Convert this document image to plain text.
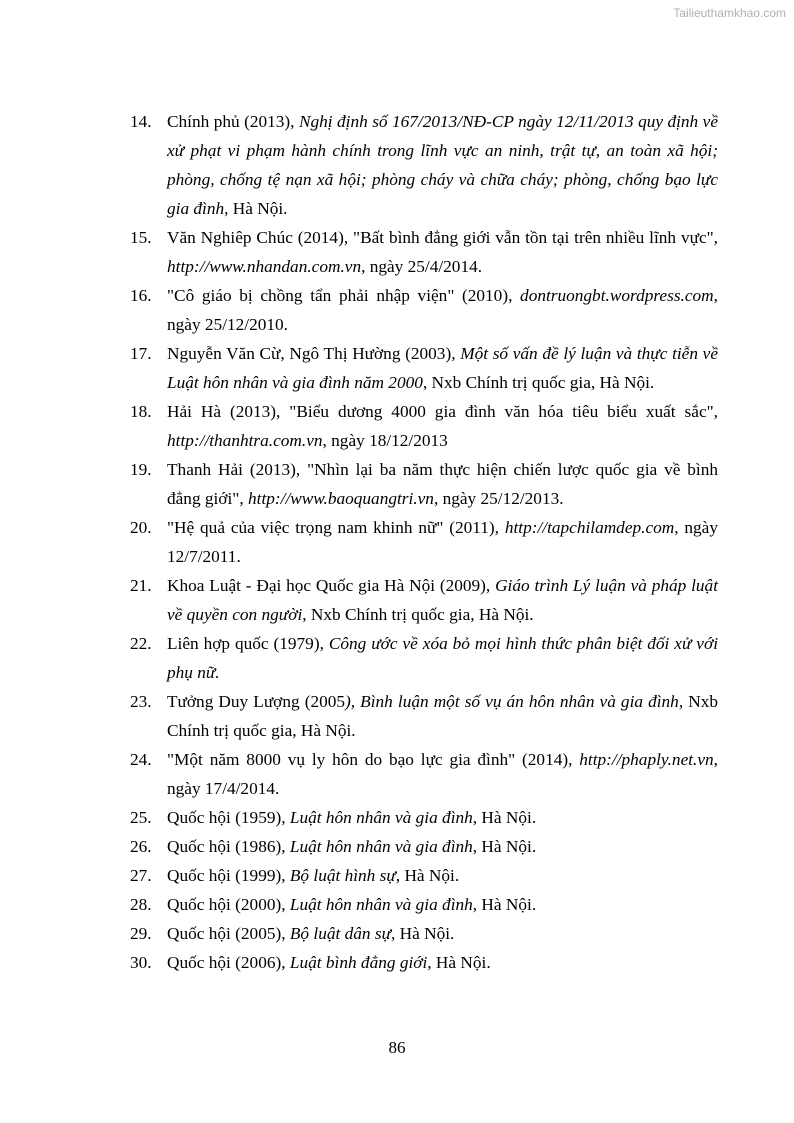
Tailieuthamkhao.com
14. Chính phủ (2013), Nghị định số 167/2013/NĐ-CP ngày 12/11/2013 quy định về xử phạt vi phạm hành chính trong lĩnh vực an ninh, trật tự, an toàn xã hội; phòng, chống tệ nạn xã hội; phòng cháy và chữa cháy; phòng, chống bạo lực gia đình, Hà Nội.
15. Văn Nghiêp Chúc (2014), "Bất bình đẳng giới vẫn tồn tại trên nhiều lĩnh vực", http://www.nhandan.com.vn, ngày 25/4/2014.
16. "Cô giáo bị chồng tẩn phải nhập viện" (2010), dontruongbt.wordpress.com, ngày 25/12/2010.
17. Nguyễn Văn Cừ, Ngô Thị Hường (2003), Một số vấn đề lý luận và thực tiễn về Luật hôn nhân và gia đình năm 2000, Nxb Chính trị quốc gia, Hà Nội.
18. Hải Hà (2013), "Biểu dương 4000 gia đình văn hóa tiêu biểu xuất sắc", http://thanhtra.com.vn, ngày 18/12/2013
19. Thanh Hải (2013), "Nhìn lại ba năm thực hiện chiến lược quốc gia về bình đẳng giới", http://www.baoquangtri.vn, ngày 25/12/2013.
20. "Hệ quả của việc trọng nam khinh nữ" (2011), http://tapchilamdep.com, ngày 12/7/2011.
21. Khoa Luật - Đại học Quốc gia Hà Nội (2009), Giáo trình Lý luận và pháp luật về quyền con người, Nxb Chính trị quốc gia, Hà Nội.
22. Liên hợp quốc (1979), Công ước về xóa bỏ mọi hình thức phân biệt đối xử với phụ nữ.
23. Tưởng Duy Lượng (2005), Bình luận một số vụ án hôn nhân và gia đình, Nxb Chính trị quốc gia, Hà Nội.
24. "Một năm 8000 vụ ly hôn do bạo lực gia đình" (2014), http://phaply.net.vn, ngày 17/4/2014.
25. Quốc hội (1959), Luật hôn nhân và gia đình, Hà Nội.
26. Quốc hội (1986), Luật hôn nhân và gia đình, Hà Nội.
27. Quốc hội (1999), Bộ luật hình sự, Hà Nội.
28. Quốc hội (2000), Luật hôn nhân và gia đình, Hà Nội.
29. Quốc hội (2005), Bộ luật dân sự, Hà Nội.
30. Quốc hội (2006), Luật bình đẳng giới, Hà Nội.
86
